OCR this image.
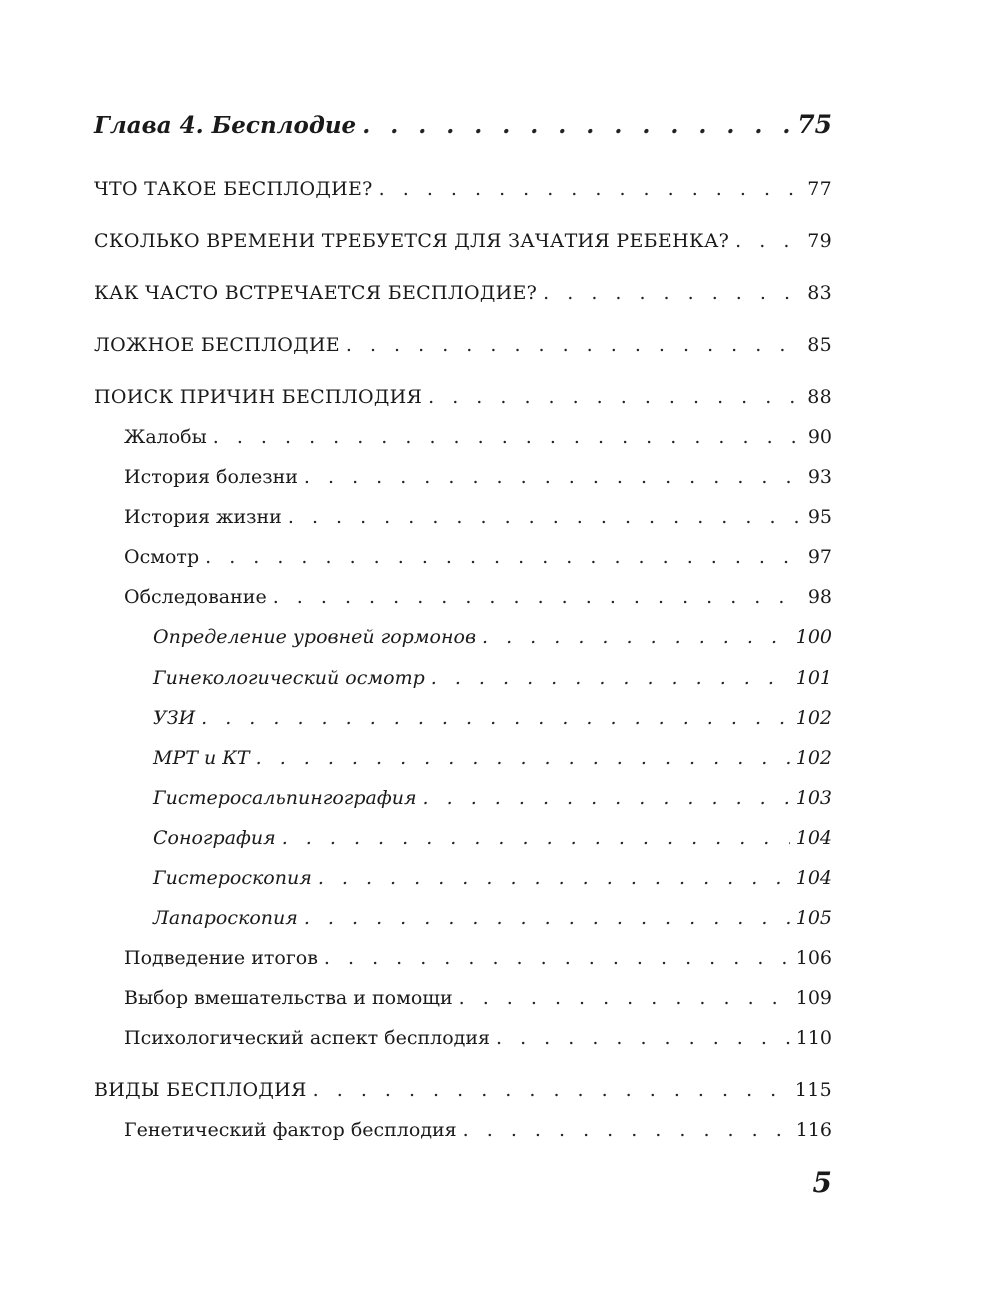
Глава 4. Бесплодие . . .	75
ЧТО ТАКОЕ БЕСПЛОДИЕ? . . .	77
СКОЛЬКО ВРЕМЕНИ ТРЕБУЕТСЯ ДЛЯ ЗАЧАТИЯ РЕБЕНКА? . . .	79
КАК ЧАСТО ВСТРЕЧАЕТСЯ БЕСПЛОДИЕ? . . .	83
ЛОЖНОЕ БЕСПЛОДИЕ . . .	85
ПОИСК ПРИЧИН БЕСПЛОДИЯ . . .	88
Жалобы . . .	90
История болезни . . .	93
История жизни . . .	95
Осмотр . . .	97
Обследование . . .	98
Определение уровней гормонов . . .	100
Гинекологический осмотр . . .	101
УЗИ . . .	102
МРТ и КТ . . .	102
Гистеросальпингография . . .	103
Сонография . . .	104
Гистероскопия . . .	104
Лапароскопия . . .	105
Подведение итогов . . .	106
Выбор вмешательства и помощи . . .	109
Психологический аспект бесплодия . . .	110
ВИДЫ БЕСПЛОДИЯ . . .	115
Генетический фактор бесплодия . . .	116
5
